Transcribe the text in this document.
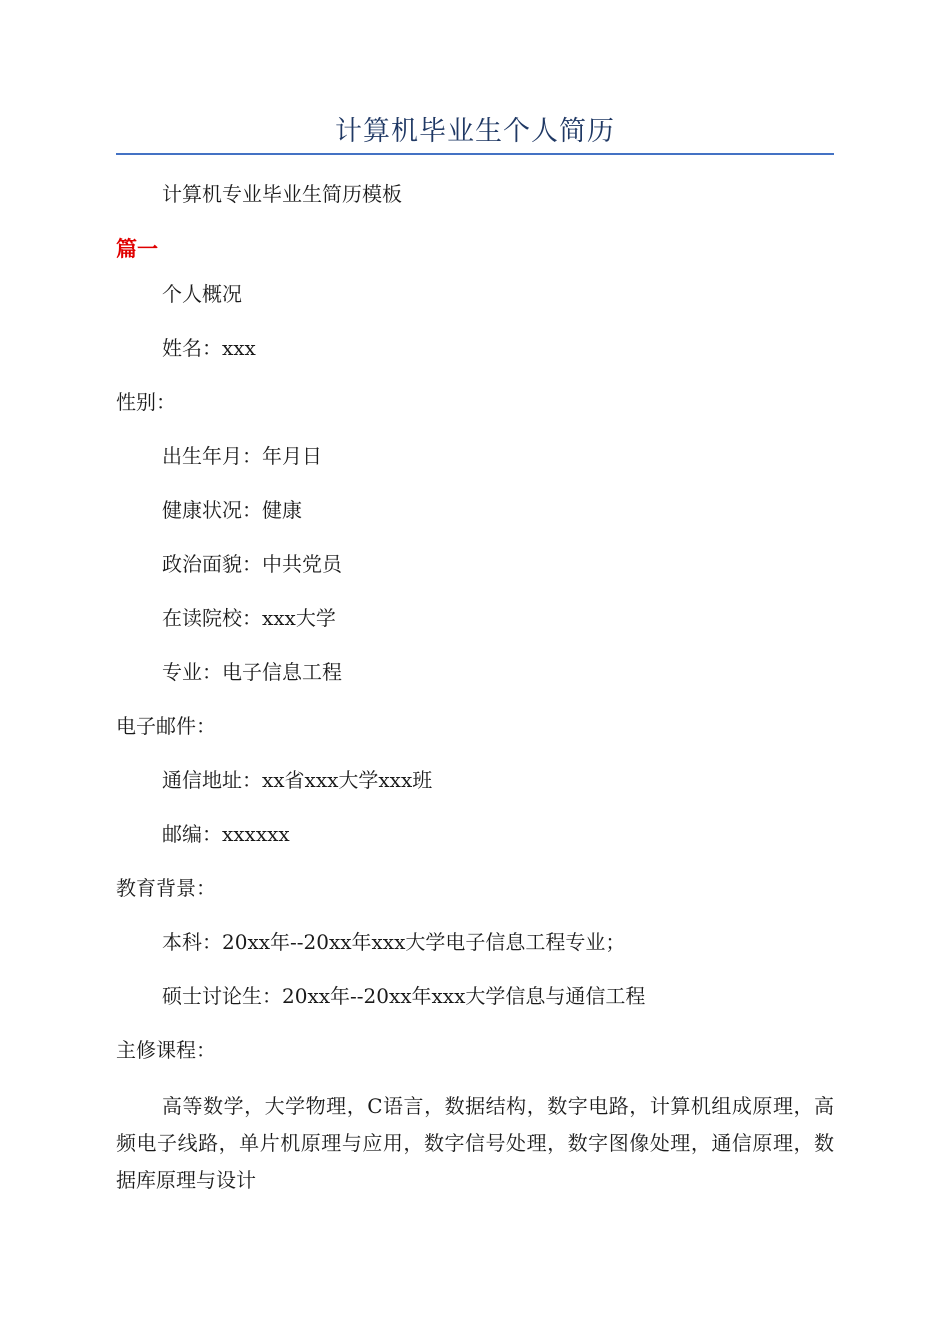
计算机毕业生个人简历
计算机专业毕业生简历模板
篇一
个人概况
姓名：xxx
性别：
出生年月：年月日
健康状况：健康
政治面貌：中共党员
在读院校：xxx大学
专业：电子信息工程
电子邮件：
通信地址：xx省xxx大学xxx班
邮编：xxxxxx
教育背景：
本科：20xx年--20xx年xxx大学电子信息工程专业；
硕士讨论生：20xx年--20xx年xxx大学信息与通信工程
主修课程：
高等数学，大学物理，C语言，数据结构，数字电路，计算机组成原理，高频电子线路，单片机原理与应用，数字信号处理，数字图像处理，通信原理，数据库原理与设计
